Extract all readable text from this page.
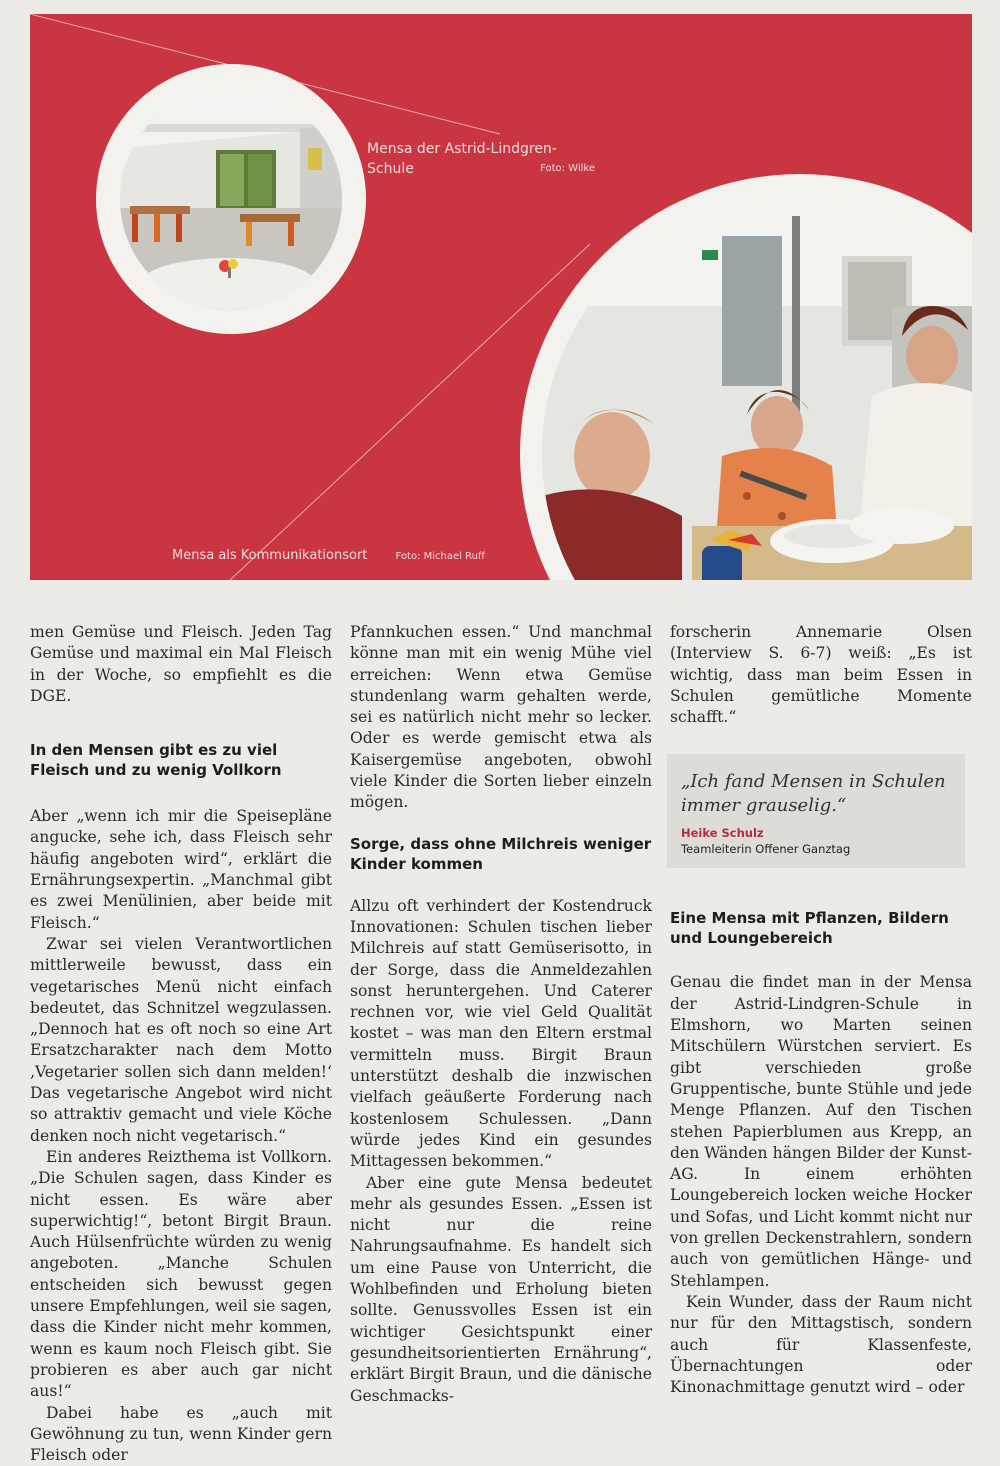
Mensa der Astrid-Lindgren-
Schule	Foto: Wilke
Mensa als Kommunikationsort	Foto: Michael Ruff

men Gemüse und Fleisch. Jeden Tag Gemüse und maximal ein Mal Fleisch in der Woche, so empfiehlt es die DGE.

In den Mensen gibt es zu viel Fleisch und zu wenig Vollkorn

Aber „wenn ich mir die Speisepläne angucke, sehe ich, dass Fleisch sehr häufig angeboten wird“, erklärt die Ernährungsexpertin. „Manchmal gibt es zwei Menülinien, aber beide mit Fleisch.“

Zwar sei vielen Verantwortlichen mittlerweile bewusst, dass ein vegetarisches Menü nicht einfach bedeutet, das Schnitzel wegzulassen. „Dennoch hat es oft noch so eine Art Ersatzcharakter nach dem Motto ‚Vegetarier sollen sich dann melden!‘ Das vegetarische Angebot wird nicht so attraktiv gemacht und viele Köche denken noch nicht vegetarisch.“

Ein anderes Reizthema ist Vollkorn. „Die Schulen sagen, dass Kinder es nicht essen. Es wäre aber superwichtig!“, betont Birgit Braun. Auch Hülsenfrüchte würden zu wenig angeboten. „Manche Schulen entscheiden sich bewusst gegen unsere Empfehlungen, weil sie sagen, dass die Kinder nicht mehr kommen, wenn es kaum noch Fleisch gibt. Sie probieren es aber auch gar nicht aus!“

Dabei habe es „auch mit Gewöhnung zu tun, wenn Kinder gern Fleisch oder

Pfannkuchen essen.“ Und manchmal könne man mit ein wenig Mühe viel erreichen: Wenn etwa Gemüse stundenlang warm gehalten werde, sei es natürlich nicht mehr so lecker. Oder es werde gemischt etwa als Kaisergemüse angeboten, obwohl viele Kinder die Sorten lieber einzeln mögen.

Sorge, dass ohne Milchreis weniger Kinder kommen

Allzu oft verhindert der Kostendruck Innovationen: Schulen tischen lieber Milchreis auf statt Gemüserisotto, in der Sorge, dass die Anmeldezahlen sonst heruntergehen. Und Caterer rechnen vor, wie viel Geld Qualität kostet – was man den Eltern erstmal vermitteln muss. Birgit Braun unterstützt deshalb die inzwischen vielfach geäußerte Forderung nach kostenlosem Schulessen. „Dann würde jedes Kind ein gesundes Mittagessen bekommen.“

Aber eine gute Mensa bedeutet mehr als gesundes Essen. „Essen ist nicht nur die reine Nahrungsaufnahme. Es handelt sich um eine Pause von Unterricht, die Wohlbefinden und Erholung bieten sollte. Genussvolles Essen ist ein wichtiger Gesichtspunkt einer gesundheitsorientierten Ernährung“, erklärt Birgit Braun, und die dänische Geschmacks-

forscherin Annemarie Olsen (Interview S. 6-7) weiß: „Es ist wichtig, dass man beim Essen in Schulen gemütliche Momente schafft.“

„Ich fand Mensen in Schulen immer grauselig.“
Heike Schulz
Teamleiterin Offener Ganztag
Eine Mensa mit Pflanzen, Bildern und Loungebereich

Genau die findet man in der Mensa der Astrid-Lindgren-Schule in Elmshorn, wo Marten seinen Mitschülern Würstchen serviert. Es gibt verschieden große Gruppentische, bunte Stühle und jede Menge Pflanzen. Auf den Tischen stehen Papierblumen aus Krepp, an den Wänden hängen Bilder der Kunst-AG. In einem erhöhten Loungebereich locken weiche Hocker und Sofas, und Licht kommt nicht nur von grellen Deckenstrahlern, sondern auch von gemütlichen Hänge- und Stehlampen.

Kein Wunder, dass der Raum nicht nur für den Mittagstisch, sondern auch für Klassenfeste, Übernachtungen oder Kinonachmittage genutzt wird – oder
